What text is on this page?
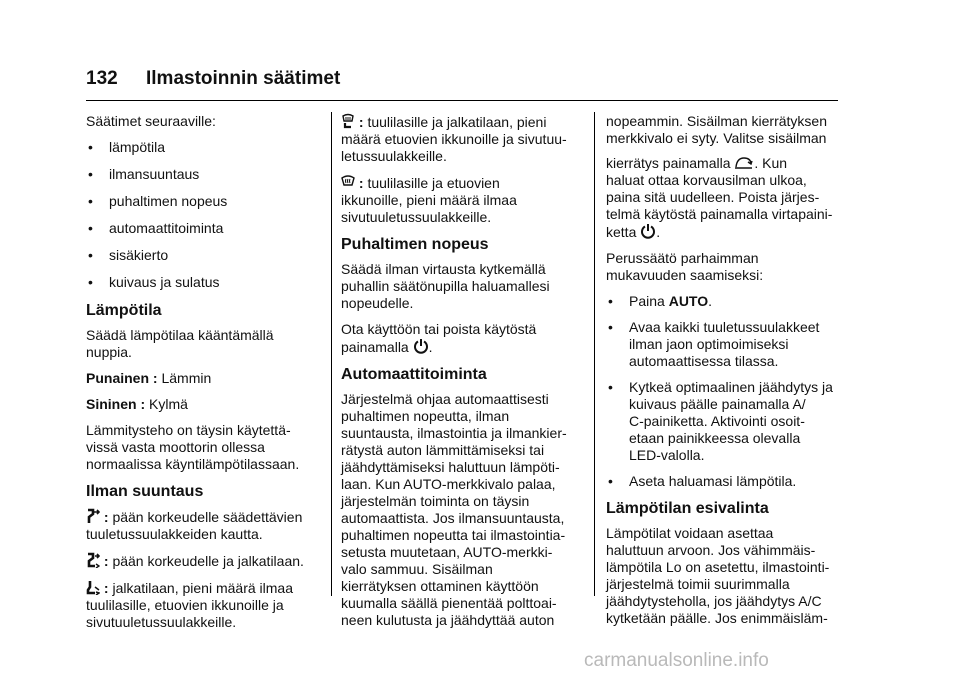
132 Ilmastoinnin säätimet

Säätimet seuraaville:

• lämpötila
• ilmansuuntaus
• puhaltimen nopeus
• automaattitoiminta
• sisäkierto
• kuivaus ja sulatus
Lämpötila

Säädä lämpötilaa kääntämällä
nuppia.

Punainen : Lämmin

Sininen : Kylmä

Lämmitysteho on täysin käytettä-
vissä vasta moottorin ollessa
normaalissa käyntilämpötilassaan.

Ilman suuntaus

: pään korkeudelle säädettävien
tuuletussuulakkeiden kautta.

: pään korkeudelle ja jalkatilaan.

: jalkatilaan, pieni määrä ilmaa
tuulilasille, etuovien ikkunoille ja
sivutuuletussuulakkeille.

: tuulilasille ja jalkatilaan, pieni
määrä etuovien ikkunoille ja sivutuu-
letussuulakkeille.

: tuulilasille ja etuovien
ikkunoille, pieni määrä ilmaa
sivutuuletussuulakkeille.

Puhaltimen nopeus

Säädä ilman virtausta kytkemällä
puhallin säätönupilla haluamallesi
nopeudelle.

Ota käyttöön tai poista käytöstä
painamalla .

Automaattitoiminta

Järjestelmä ohjaa automaattisesti
puhaltimen nopeutta, ilman
suuntausta, ilmastointia ja ilmankier-
rätystä auton lämmittämiseksi tai
jäähdyttämiseksi haluttuun lämpöti-
laan. Kun AUTO-merkkivalo palaa,
järjestelmän toiminta on täysin
automaattista. Jos ilmansuuntausta,
puhaltimen nopeutta tai ilmastointia-
setusta muutetaan, AUTO-merkki-
valo sammuu. Sisäilman
kierrätyksen ottaminen käyttöön
kuumalla säällä pienentää polttoai-
neen kulutusta ja jäähdyttää auton

nopeammin. Sisäilman kierrätyksen
merkkivalo ei syty. Valitse sisäilman

kierrätys painamalla . Kun
haluat ottaa korvausilman ulkoa,
paina sitä uudelleen. Poista järjes-
telmä käytöstä painamalla virtapaini-
ketta .

Perussäätö parhaimman
mukavuuden saamiseksi:

• Paina AUTO.
• Avaa kaikki tuuletussuulakkeet
ilman jaon optimoimiseksi
automaattisessa tilassa.
• Kytkeä optimaalinen jäähdytys ja
kuivaus päälle painamalla A/
C-painiketta. Aktivointi osoit-
etaan painikkeessa olevalla
LED-valolla.
• Aseta haluamasi lämpötila.
Lämpötilan esivalinta

Lämpötilat voidaan asettaa
haluttuun arvoon. Jos vähimmäis-
lämpötila Lo on asetettu, ilmastointi-
järjestelmä toimii suurimmalla
jäähdytysteholla, jos jäähdytys A/C
kytketään päälle. Jos enimmäisläm-

carmanualsonline.info
